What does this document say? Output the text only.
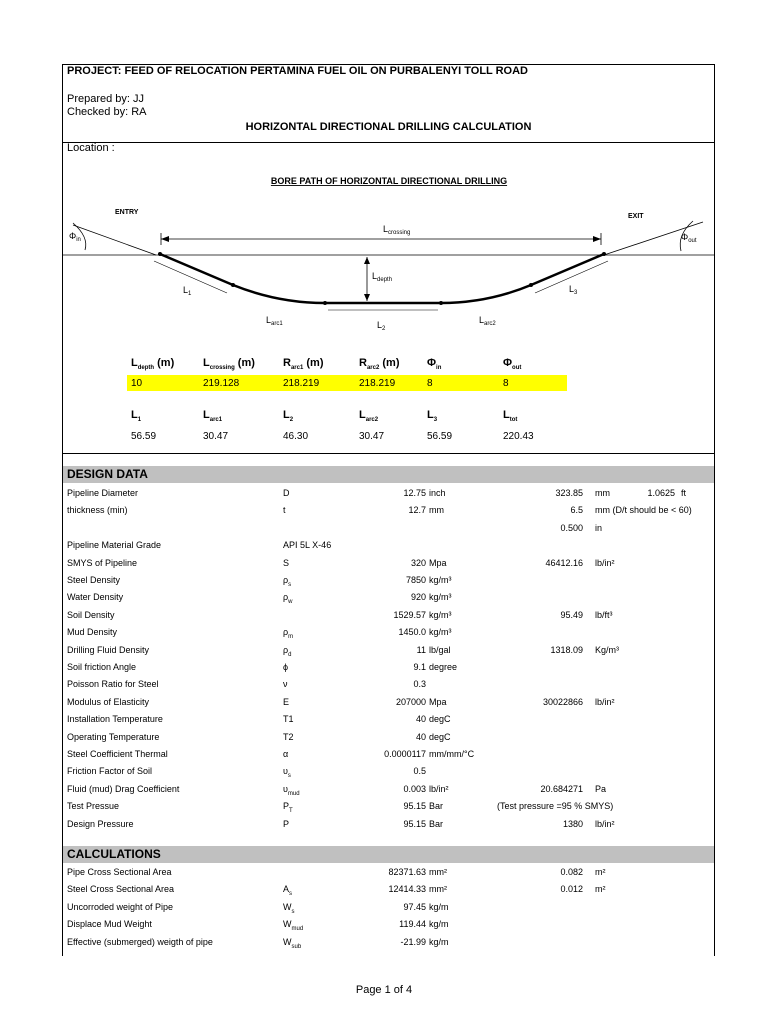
PROJECT: FEED OF RELOCATION PERTAMINA FUEL OIL ON PURBALENYI TOLL ROAD
Prepared by: JJ
Checked by: RA
HORIZONTAL DIRECTIONAL DRILLING CALCULATION
Location :
BORE PATH OF HORIZONTAL DIRECTIONAL DRILLING
ENTRY
EXIT
$\Phi_{in}$	$\Phi_{out}$
$L_{crossing}$
$L_{depth}$
$L_1$
$L_{arc1}$	$L_2$
$L_{arc2}$
$L_3$
$L_{depth}$ (m)	$L_{crossing}$ (m)	$R_{arc1}$ (m)	$R_{arc2}$ (m)	$\Phi_{in}$	$\Phi_{out}$
10	219.128	218.219	218.219	8	8
$L_1$	$L_{arc1}$	$L_2$	$L_{arc2}$	$L_3$	$L_{tot}$
56.59	30.47	46.30	30.47	56.59	220.43
DESIGN DATA
Pipeline Diameter	D	12.75 inch	323.85 mm	1.0625 ft
thickness (min)	t	12.7 mm	6.5 mm (D/t should be < 60)
0.500 in
Pipeline Material Grade	API 5L X-46
SMYS of Pipeline	S	320 Mpa	46412.16 lb/in²
Steel Density	$\rho_s$	7850 kg/m³
Water Density	$\rho_w$	920 kg/m³
Soil Density	1529.57 kg/m³	95.49 lb/ft³
Mud Density	$\rho_m$	1450.0 kg/m³
Drilling Fluid Density	$\rho_d$	11 lb/gal	1318.09 Kg/m³
Soil friction Angle	ϕ	9.1 degree
Poisson Ratio for Steel	ν	0.3
Modulus of Elasticity	E	207000 Mpa	30022866 lb/in²
Installation Temperature	T1	40 degC
Operating Temperature	T2	40 degC
Steel Coefficient Thermal	α	0.0000117 mm/mm/°C
Friction Factor of Soil	$\upsilon_s$	0.5
Fluid (mud) Drag Coefficient	$\upsilon_{mud}$	0.003 lb/in²	20.684271 Pa
Test Pressue	$P_T$	95.15 Bar	(Test pressure =95 % SMYS)
Design Pressure	P	95.15 Bar	1380 lb/in²
CALCULATIONS
Pipe Cross Sectional Area	82371.63 mm²	0.082 m²
Steel Cross Sectional Area	$A_s$	12414.33 mm²	0.012 m²
Uncorroded weight of Pipe	$W_s$	97.45 kg/m
Displace Mud Weight	$W_{mud}$	119.44 kg/m
Effective (submerged) weigth of pipe	$W_{sub}$	-21.99 kg/m
Page 1 of 4
